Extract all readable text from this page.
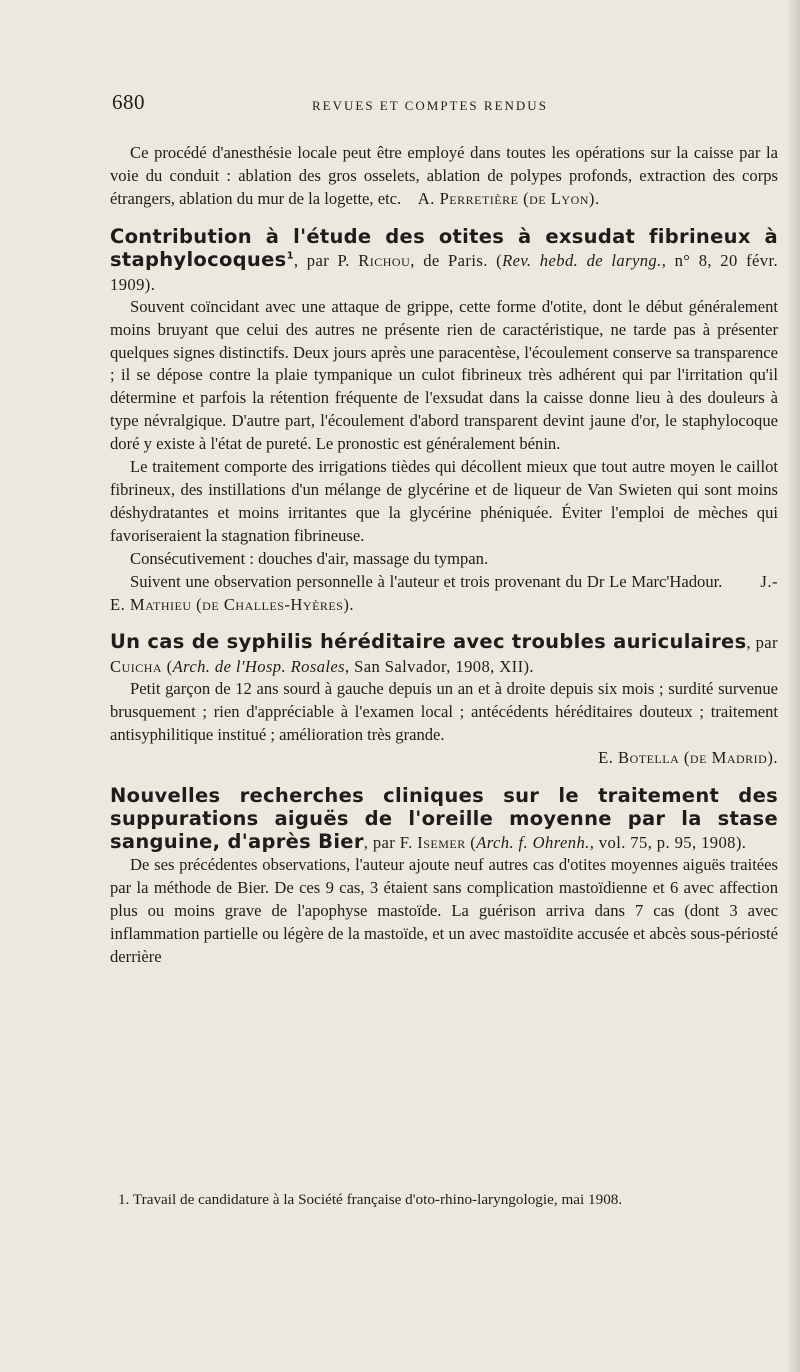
680	REVUES ET COMPTES RENDUS

Ce procédé d'anesthésie locale peut être employé dans toutes les opérations sur la caisse par la voie du conduit : ablation des gros osselets, ablation de polypes profonds, extraction des corps étrangers, ablation du mur de la logette, etc. A. Perretière (de Lyon).

Contribution à l'étude des otites à exsudat fibrineux à staphylocoques$^1$, par P. Richou, de Paris. (Rev. hebd. de laryng., n° 8, 20 févr. 1909).

Souvent coïncidant avec une attaque de grippe, cette forme d'otite, dont le début généralement moins bruyant que celui des autres ne présente rien de caractéristique, ne tarde pas à présenter quelques signes distinctifs. Deux jours après une paracentèse, l'écoulement conserve sa transparence ; il se dépose contre la plaie tympanique un culot fibrineux très adhérent qui par l'irritation qu'il détermine et parfois la rétention fréquente de l'exsudat dans la caisse donne lieu à des douleurs à type névralgique. D'autre part, l'écoulement d'abord transparent devint jaune d'or, le staphylocoque doré y existe à l'état de pureté. Le pronostic est généralement bénin.

Le traitement comporte des irrigations tièdes qui décollent mieux que tout autre moyen le caillot fibrineux, des instillations d'un mélange de glycérine et de liqueur de Van Swieten qui sont moins déshydratantes et moins irritantes que la glycérine phéniquée. Éviter l'emploi de mèches qui favoriseraient la stagnation fibrineuse.

Consécutivement : douches d'air, massage du tympan.

Suivent une observation personnelle à l'auteur et trois provenant du Dr Le Marc'Hadour. J.-E. Mathieu (de Challes-Hyères).

Un cas de syphilis héréditaire avec troubles auriculaires, par Cuicha (Arch. de l'Hosp. Rosales, San Salvador, 1908, XII).

Petit garçon de 12 ans sourd à gauche depuis un an et à droite depuis six mois ; surdité survenue brusquement ; rien d'appréciable à l'examen local ; antécédents héréditaires douteux ; traitement antisyphilitique institué ; amélioration très grande.

E. Botella (de Madrid).

Nouvelles recherches cliniques sur le traitement des suppurations aiguës de l'oreille moyenne par la stase sanguine, d'après Bier, par F. Isemer (Arch. f. Ohrenh., vol. 75, p. 95, 1908).

De ses précédentes observations, l'auteur ajoute neuf autres cas d'otites moyennes aiguës traitées par la méthode de Bier. De ces 9 cas, 3 étaient sans complication mastoïdienne et 6 avec affection plus ou moins grave de l'apophyse mastoïde. La guérison arriva dans 7 cas (dont 3 avec inflammation partielle ou légère de la mastoïde, et un avec mastoïdite accusée et abcès sous-périosté derrière

1. Travail de candidature à la Société française d'oto-rhino-laryngologie, mai 1908.
